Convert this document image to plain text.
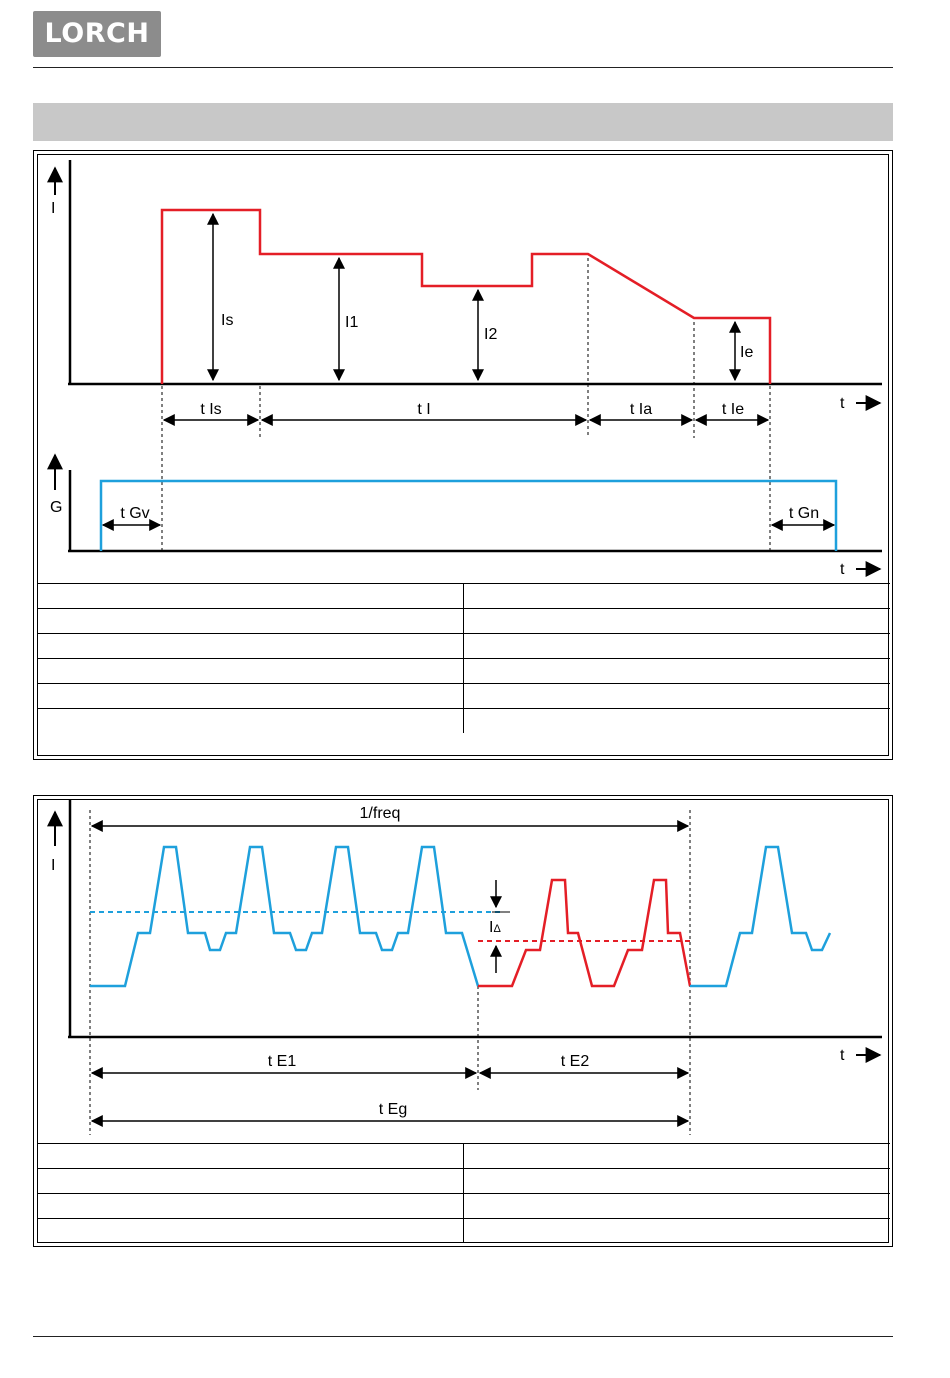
LORCH
I
Is	I1
I2
Ie
t Is	t I	t Ia	t Ie	t
G	t Gv	t Gn
t
I
1/freq
IΔ
t E1	t E2
t Eg
t
